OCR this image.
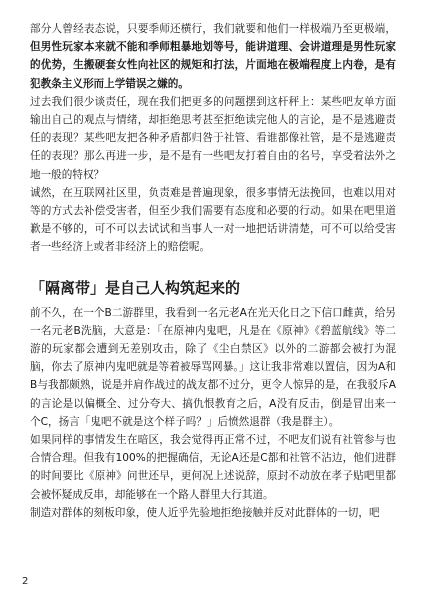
部分人曾经表态说，只要季师还横行，我们就要和他们一样极端乃至更极端，但男性玩家本来就不能和季师粗暴地划等号，能讲道理、会讲道理是男性玩家的优势，生搬硬套女性向社区的规矩和打法，片面地在极端程度上内卷，是有犯教条主义形而上学错误之嫌的。

过去我们很少谈责任，现在我们把更多的问题摆到这杆秤上：某些吧友单方面输出自己的观点与情绪，却拒绝思考甚至拒绝读完他人的言论，是不是逃避责任的表现？某些吧友把各种矛盾都归咎于社管、看谁都像社管，是不是逃避责任的表现？那么再进一步，是不是有一些吧友打着自由的名号，享受着法外之地一般的特权？

诚然，在互联网社区里，负责难是普遍现象，很多事情无法挽回，也难以用对等的方式去补偿受害者，但至少我们需要有态度和必要的行动。如果在吧里道歉是不够的，可不可以去试试和当事人一对一地把话讲清楚，可不可以给受害者一些经济上或者非经济上的赔偿呢。

「隔离带」是自己人构筑起来的

前不久，在一个B二游群里，我看到一名元老A在光天化日之下信口雌黄，给另一名元老B洗脑，大意是：「在原神内鬼吧，凡是在《原神》《碧蓝航线》等二游的玩家都会遭到无差别攻击，除了《尘白禁区》以外的二游都会被打为混脑，你去了原神内鬼吧就是等着被辱骂网暴。」这让我非常难以置信，因为A和B与我都颇熟，说是并肩作战过的战友都不过分，更令人惊异的是，在我驳斥A的言论是以偏概全、过分夸大、搞仇恨教育之后，A没有反击，倒是冒出来一个C，扬言「鬼吧不就是这个样子吗？」后愤然退群（我是群主）。

如果同样的事情发生在暗区，我会觉得再正常不过，不吧友们说有社管参与也合情合理。但我有100%的把握确信，无论A还是C都和社管不沾边，他们进群的时间要比《原神》问世还早，更何况上述说辞，原封不动放在孝子贴吧里都会被怀疑成反串，却能够在一个路人群里大行其道。

制造对群体的刻板印象，使人近乎先验地拒绝接触并反对此群体的一切，吧

2
